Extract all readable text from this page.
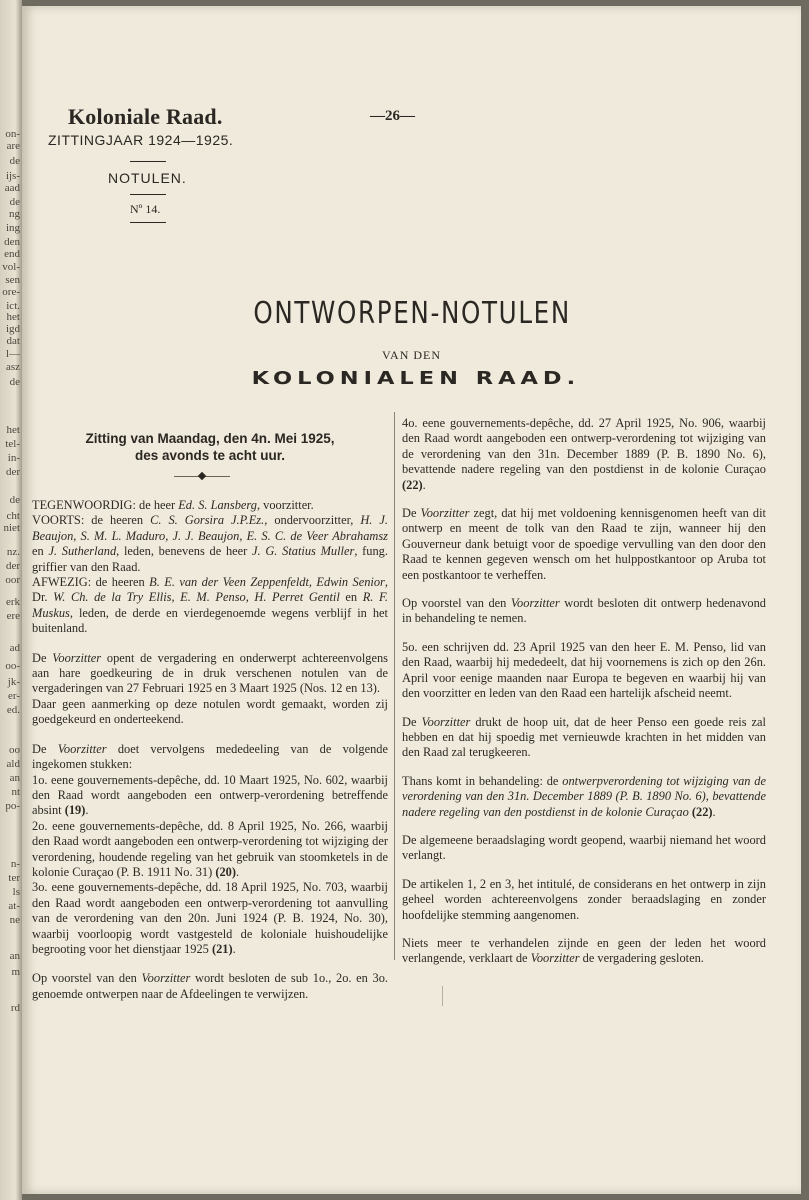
on-
are
de
ijs-
aad
de
ng
ing
den
end
vol-
sen
ore-
ict.
het
igd
dat
l—
asz
de
het
tel-
in-
der
de
cht
niet
nz.
der
oor
erk
ere
ad
oo-
jk-
er-
ed.
oo
ald
an
nt
po-
n-
ter
ls
at-
ne
an
m
rd
Koloniale Raad.	—26—
ZITTINGJAAR 1924—1925.
NOTULEN.
Nº 14.
ONTWORPEN-NOTULEN
VAN DEN
KOLONIALEN RAAD.
Zitting van Maandag, den 4n. Mei 1925,
des avonds te acht uur.

TEGENWOORDIG: de heer Ed. S. Lansberg, voorzitter.

VOORTS: de heeren C. S. Gorsira J.P.Ez., ondervoorzitter, H. J. Beaujon, S. M. L. Maduro, J. J. Beaujon, E. S. C. de Veer Abrahamsz en J. Sutherland, leden, benevens de heer J. G. Statius Muller, fung. griffier van den Raad.

AFWEZIG: de heeren B. E. van der Veen Zeppenfeldt, Edwin Senior, Dr. W. Ch. de la Try Ellis, E. M. Penso, H. Perret Gentil en R. F. Muskus, leden, de derde en vierdegenoemde wegens verblijf in het buitenland.

De Voorzitter opent de vergadering en onderwerpt achtereenvolgens aan hare goedkeuring de in druk verschenen notulen van de vergaderingen van 27 Februari 1925 en 3 Maart 1925 (Nos. 12 en 13).

Daar geen aanmerking op deze notulen wordt gemaakt, worden zij goedgekeurd en onderteekend.

De Voorzitter doet vervolgens mededeeling van de volgende ingekomen stukken:

1o. eene gouvernements-depêche, dd. 10 Maart 1925, No. 602, waarbij den Raad wordt aangeboden een ontwerp-verordening betreffende absint (19).

2o. eene gouvernements-depêche, dd. 8 April 1925, No. 266, waarbij den Raad wordt aangeboden een ontwerp-verordening tot wijziging der verordening, houdende regeling van het gebruik van stoomketels in de kolonie Curaçao (P. B. 1911 No. 31) (20).

3o. eene gouvernements-depêche, dd. 18 April 1925, No. 703, waarbij den Raad wordt aangeboden een ontwerp-verordening tot aanvulling van de verordening van den 20n. Juni 1924 (P. B. 1924, No. 30), waarbij voorloopig wordt vastgesteld de koloniale huishoudelijke begrooting voor het dienstjaar 1925 (21).

Op voorstel van den Voorzitter wordt besloten de sub 1o., 2o. en 3o. genoemde ontwerpen naar de Afdeelingen te verwijzen.

4o. eene gouvernements-depêche, dd. 27 April 1925, No. 906, waarbij den Raad wordt aangeboden een ontwerp-verordening tot wijziging van de verordening van den 31n. December 1889 (P. B. 1890 No. 6), bevattende nadere regeling van den postdienst in de kolonie Curaçao (22).

De Voorzitter zegt, dat hij met voldoening kennisgenomen heeft van dit ontwerp en meent de tolk van den Raad te zijn, wanneer hij den Gouverneur dank betuigt voor de spoedige vervulling van den door den Raad te kennen gegeven wensch om het hulppostkantoor op Aruba tot een postkantoor te verheffen.

Op voorstel van den Voorzitter wordt besloten dit ontwerp hedenavond in behandeling te nemen.

5o. een schrijven dd. 23 April 1925 van den heer E. M. Penso, lid van den Raad, waarbij hij mededeelt, dat hij voornemens is zich op den 26n. April voor eenige maanden naar Europa te begeven en waarbij hij van den voorzitter en leden van den Raad een hartelijk afscheid neemt.

De Voorzitter drukt de hoop uit, dat de heer Penso een goede reis zal hebben en dat hij spoedig met vernieuwde krachten in het midden van den Raad zal terugkeeren.

Thans komt in behandeling: de ontwerpverordening tot wijziging van de verordening van den 31n. December 1889 (P. B. 1890 No. 6), bevattende nadere regeling van den postdienst in de kolonie Curaçao (22).

De algemeene beraadslaging wordt geopend, waarbij niemand het woord verlangt.

De artikelen 1, 2 en 3, het intitulé, de considerans en het ontwerp in zijn geheel worden achtereenvolgens zonder beraadslaging en zonder hoofdelijke stemming aangenomen.

Niets meer te verhandelen zijnde en geen der leden het woord verlangende, verklaart de Voorzitter de vergadering gesloten.
